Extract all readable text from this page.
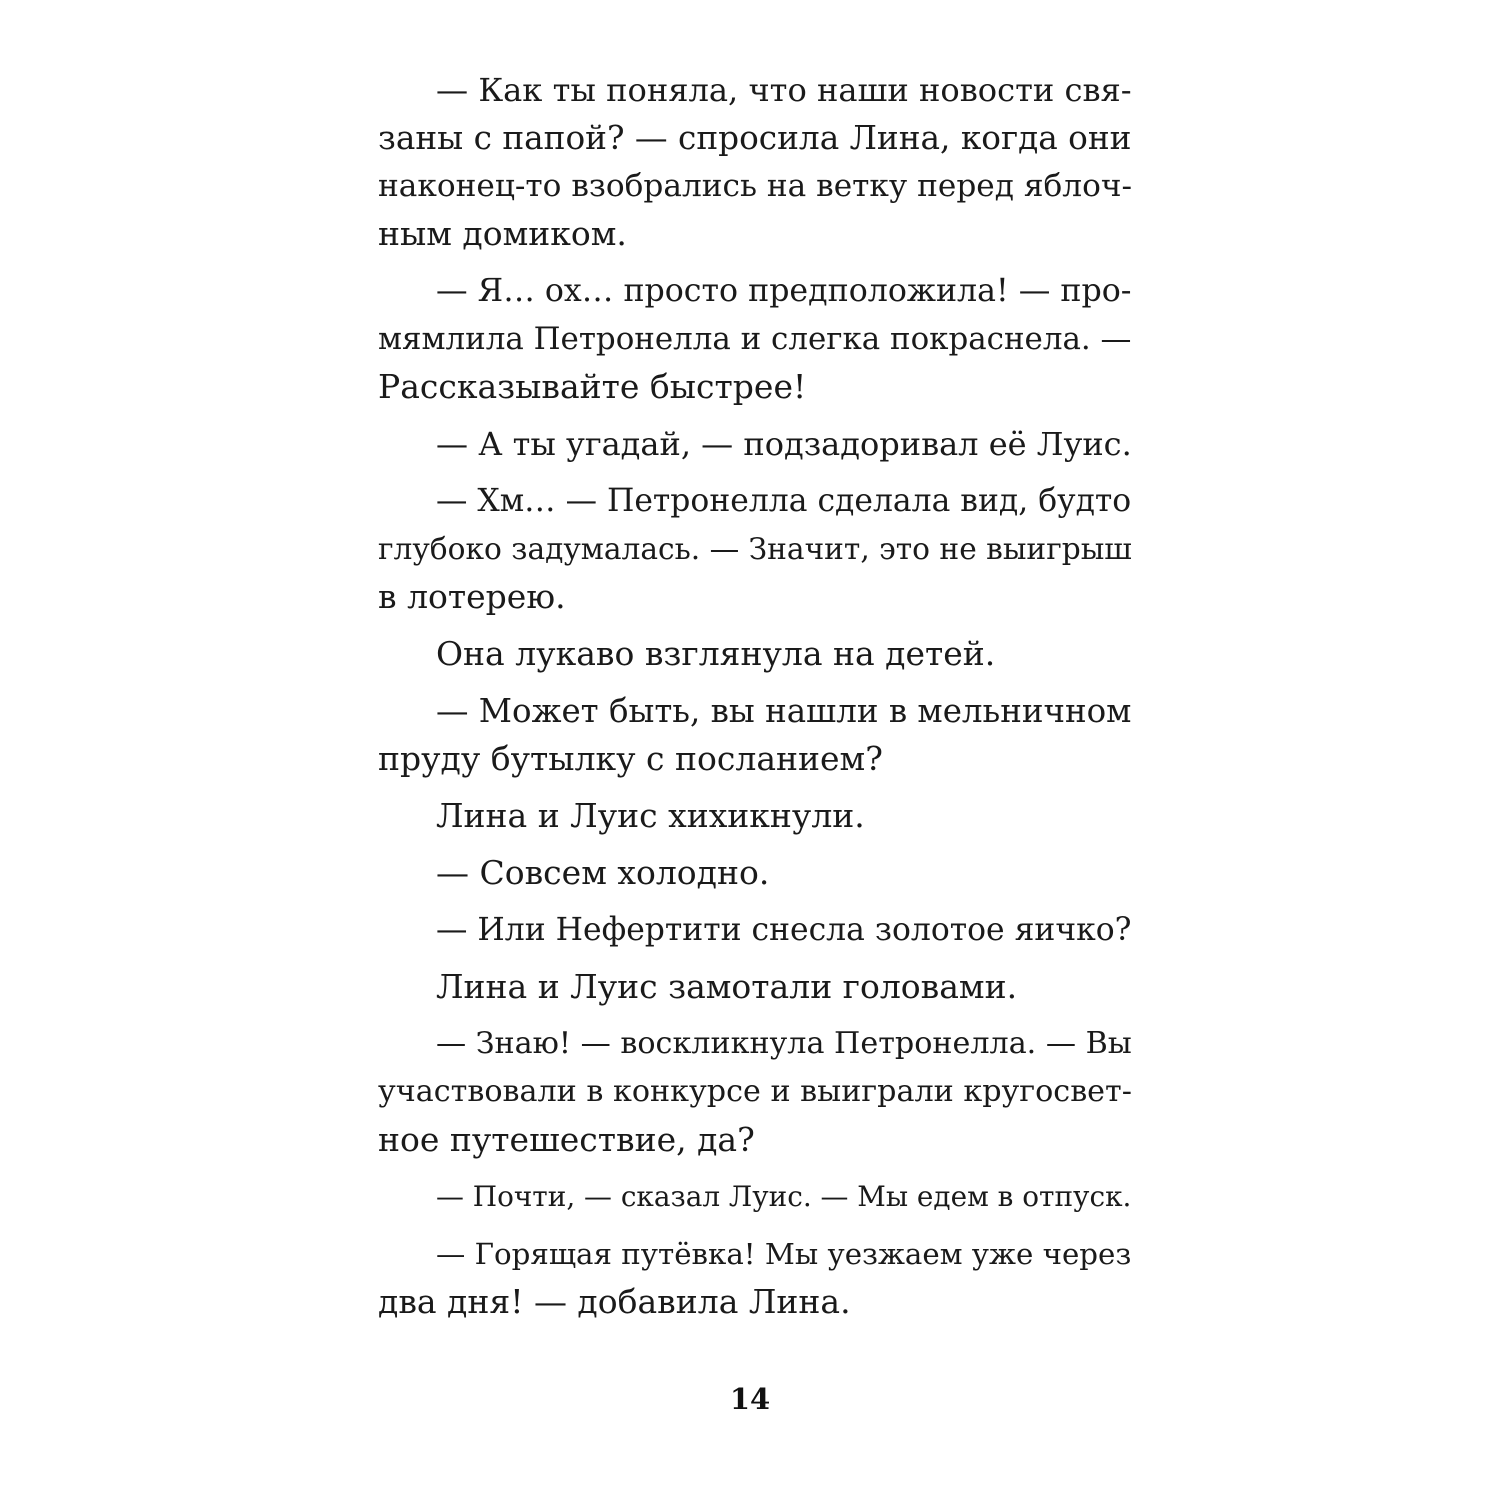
— Как ты поняла, что наши новости свя-
заны с папой? — спросила Лина, когда они
наконец-то взобрались на ветку перед яблоч-
ным домиком.
— Я… ох… просто предположила! — про-
мямлила Петронелла и слегка покраснела. —
Рассказывайте быстрее!
— А ты угадай, — подзадоривал её Луис.
— Хм… — Петронелла сделала вид, будто
глубоко задумалась. — Значит, это не выигрыш
в лотерею.
Она лукаво взглянула на детей.
— Может быть, вы нашли в мельничном
пруду бутылку с посланием?
Лина и Луис хихикнули.
— Совсем холодно.
— Или Нефертити снесла золотое яичко?
Лина и Луис замотали головами.
— Знаю! — воскликнула Петронелла. — Вы
участвовали в конкурсе и выиграли кругосвет-
ное путешествие, да?
— Почти, — сказал Луис. — Мы едем в отпуск.
— Горящая путёвка! Мы уезжаем уже через
два дня! — добавила Лина.
14
